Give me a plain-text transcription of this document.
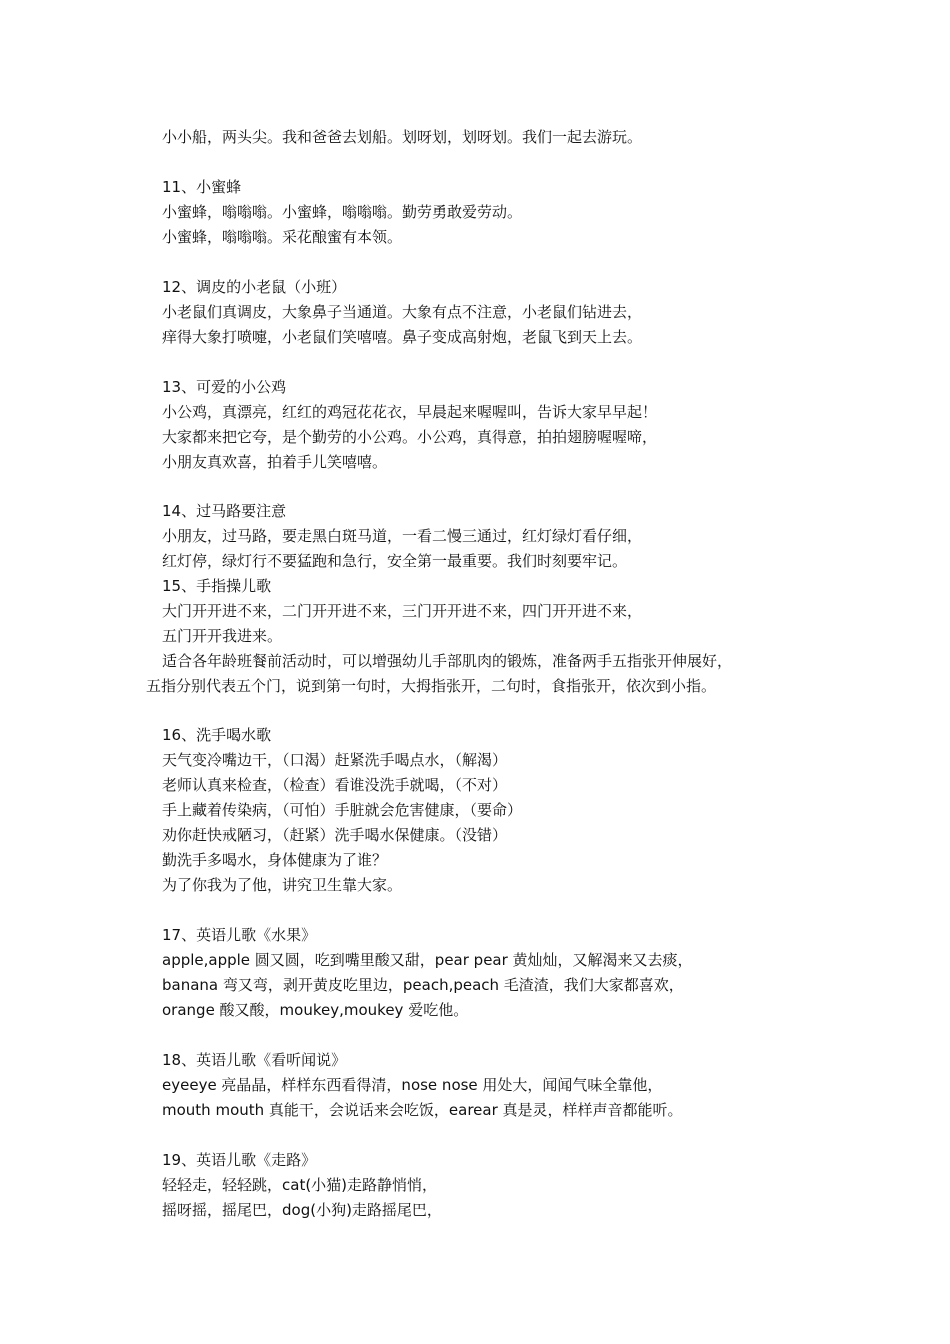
小小船，两头尖。我和爸爸去划船。划呀划，划呀划。我们一起去游玩。
11、小蜜蜂
小蜜蜂，嗡嗡嗡。小蜜蜂，嗡嗡嗡。勤劳勇敢爱劳动。
小蜜蜂，嗡嗡嗡。采花酿蜜有本领。
12、调皮的小老鼠（小班）
小老鼠们真调皮，大象鼻子当通道。大象有点不注意，小老鼠们钻进去，
痒得大象打喷嚏，小老鼠们笑嘻嘻。鼻子变成高射炮，老鼠飞到天上去。
13、可爱的小公鸡
小公鸡，真漂亮，红红的鸡冠花花衣，早晨起来喔喔叫，告诉大家早早起！
大家都来把它夸，是个勤劳的小公鸡。小公鸡，真得意，拍拍翅膀喔喔啼，
小朋友真欢喜，拍着手儿笑嘻嘻。
14、过马路要注意
小朋友，过马路，要走黑白斑马道，一看二慢三通过，红灯绿灯看仔细，
红灯停，绿灯行不要猛跑和急行，安全第一最重要。我们时刻要牢记。
15、手指操儿歌
大门开开进不来，二门开开进不来，三门开开进不来，四门开开进不来，
五门开开我进来。
适合各年龄班餐前活动时，可以增强幼儿手部肌肉的锻炼，准备两手五指张开伸展好，
五指分别代表五个门，说到第一句时，大拇指张开，二句时，食指张开，依次到小指。
16、洗手喝水歌
天气变冷嘴边干，（口渴）赶紧洗手喝点水，（解渴）
老师认真来检查，（检查）看谁没洗手就喝，（不对）
手上藏着传染病，（可怕）手脏就会危害健康，（要命）
劝你赶快戒陋习，（赶紧）洗手喝水保健康。（没错）
勤洗手多喝水，身体健康为了谁？
为了你我为了他，讲究卫生靠大家。
17、英语儿歌《水果》
apple,apple 圆又圆，吃到嘴里酸又甜，pear pear 黄灿灿，又解渴来又去痰，
banana 弯又弯，剥开黄皮吃里边，peach,peach 毛渣渣，我们大家都喜欢，
orange 酸又酸，moukey,moukey 爱吃他。
18、英语儿歌《看听闻说》
eyeeye 亮晶晶，样样东西看得清，nose nose 用处大，闻闻气味全靠他，
mouth mouth 真能干，会说话来会吃饭，earear 真是灵，样样声音都能听。
19、英语儿歌《走路》
轻轻走，轻轻跳，cat(小猫)走路静悄悄，
摇呀摇，摇尾巴，dog(小狗)走路摇尾巴，
